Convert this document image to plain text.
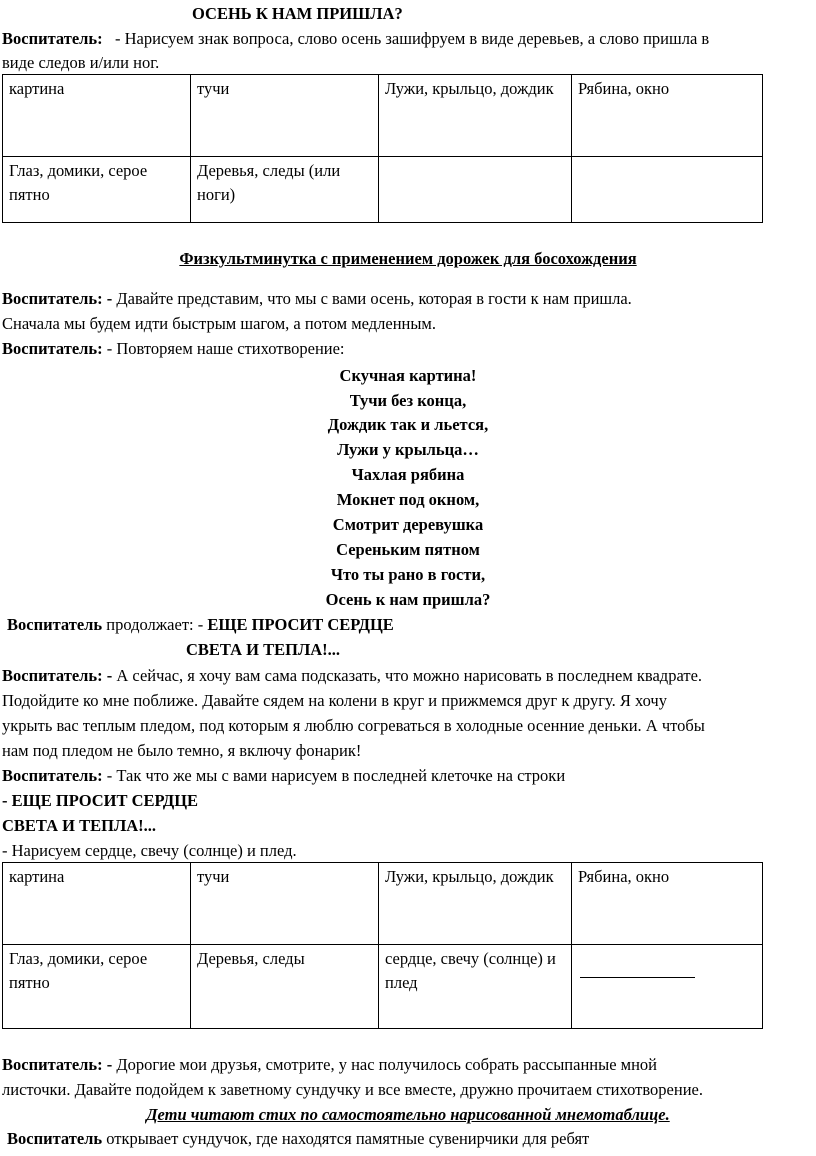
ОСЕНЬ К НАМ ПРИШЛА?
Воспитатель: - Нарисуем знак вопроса, слово осень зашифруем в виде деревьев, а слово пришла в
виде следов и/или ног.
картина	тучи	Лужи, крыльцо, дождик	Рябина, окно
Глаз, домики, серое пятно	Деревья, следы (или ноги)		
Физкультминутка с применением дорожек для босохождения
Воспитатель: - Давайте представим, что мы с вами осень, которая в гости к нам пришла.
Сначала мы будем идти быстрым шагом, а потом медленным.
Воспитатель: - Повторяем наше стихотворение:
Скучная картина!
Тучи без конца,
Дождик так и льется,
Лужи у крыльца…
Чахлая рябина
Мокнет под окном,
Смотрит деревушка
Сереньким пятном
Что ты рано в гости,
Осень к нам пришла?
Воспитатель продолжает: - ЕЩЕ ПРОСИТ СЕРДЦЕ
СВЕТА И ТЕПЛА!...
Воспитатель: - А сейчас, я хочу вам сама подсказать, что можно нарисовать в последнем квадрате.
Подойдите ко мне поближе. Давайте сядем на колени в круг и прижмемся друг к другу. Я хочу
укрыть вас теплым пледом, под которым я люблю согреваться в холодные осенние деньки. А чтобы
нам под пледом не было темно, я включу фонарик!
Воспитатель: - Так что же мы с вами нарисуем в последней клеточке на строки
- ЕЩЕ ПРОСИТ СЕРДЦЕ
СВЕТА И ТЕПЛА!...
- Нарисуем сердце, свечу (солнце) и плед.
картина	тучи	Лужи, крыльцо, дождик	Рябина, окно
Глаз, домики, серое пятно	Деревья, следы	сердце, свечу (солнце) и плед	
Воспитатель: - Дорогие мои друзья, смотрите, у нас получилось собрать рассыпанные мной
листочки. Давайте подойдем к заветному сундучку и все вместе, дружно прочитаем стихотворение.
Дети читают стих по самостоятельно нарисованной мнемотаблице.
Воспитатель открывает сундучок, где находятся памятные сувенирчики для ребят
